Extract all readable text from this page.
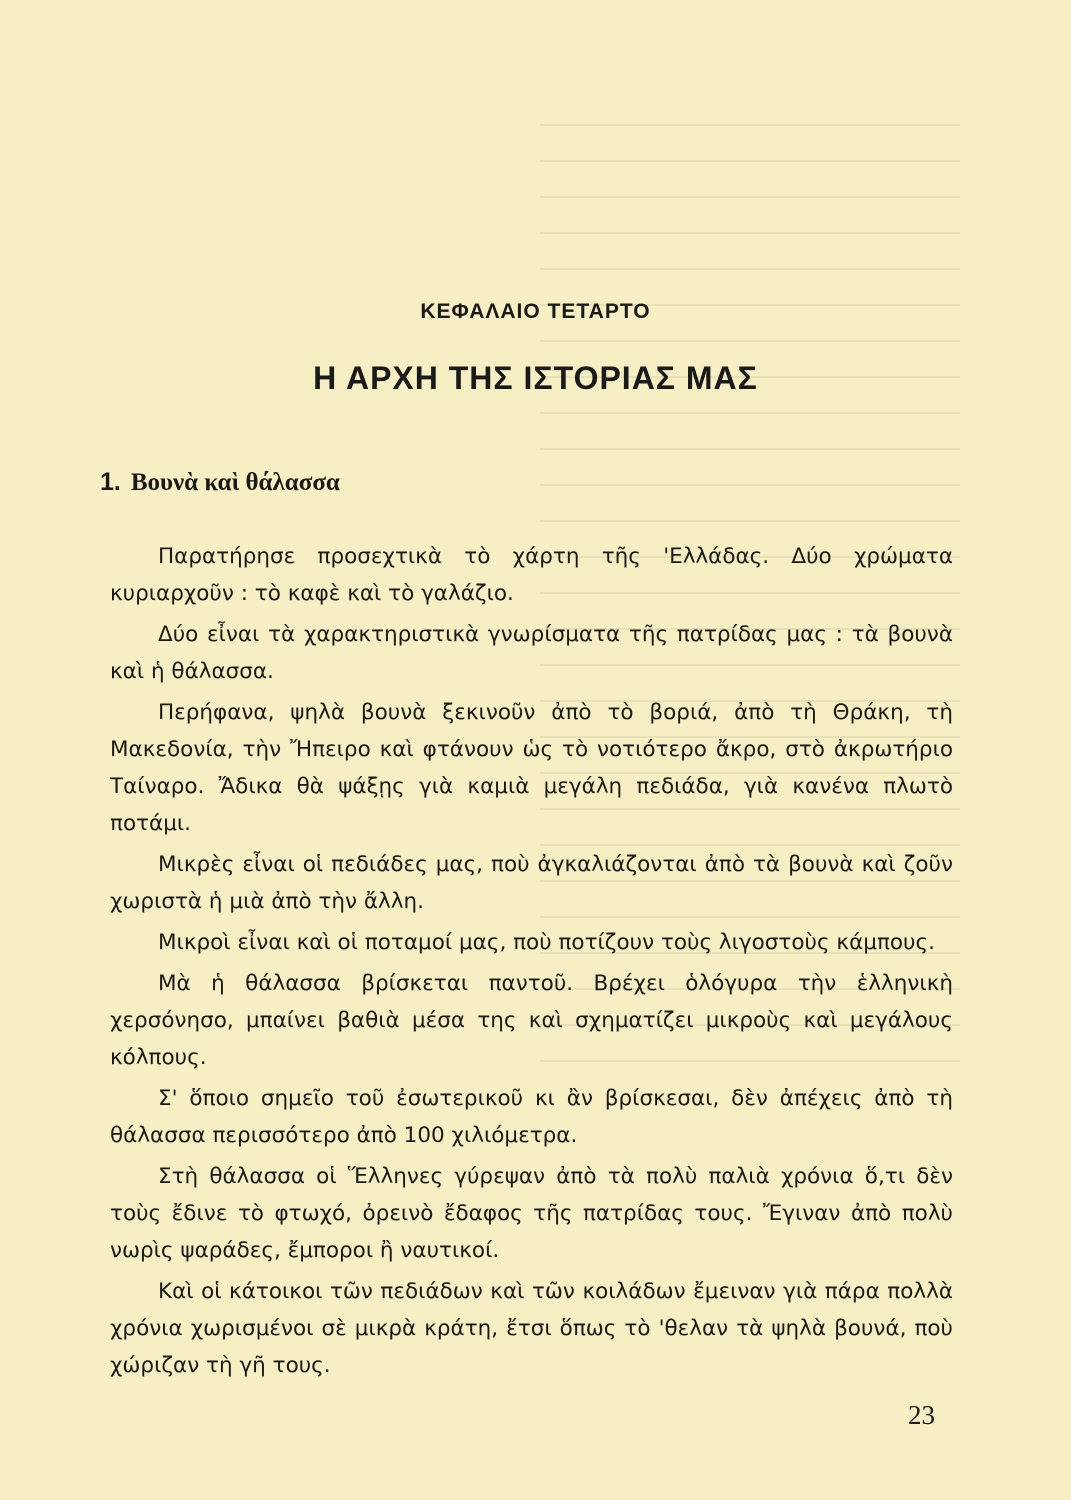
ΚΕΦΑΛΑΙΟ ΤΕΤΑΡΤΟ
Η ΑΡΧΗ ΤΗΣ ΙΣΤΟΡΙΑΣ ΜΑΣ
1. Βουνὰ καὶ θάλασσα

Παρατήρησε προσεχτικὰ τὸ χάρτη τῆς 'Ελλάδας. Δύο χρώματα κυριαρχοῦν : τὸ καφὲ καὶ τὸ γαλάζιο.

Δύο εἶναι τὰ χαρακτηριστικὰ γνωρίσματα τῆς πατρίδας μας : τὰ βουνὰ καὶ ἡ θάλασσα.

Περήφανα, ψηλὰ βουνὰ ξεκινοῦν ἀπὸ τὸ βοριά, ἀπὸ τὴ Θράκη, τὴ Μακεδονία, τὴν Ἤπειρο καὶ φτάνουν ὡς τὸ νοτιότερο ἄκρο, στὸ ἀκρωτήριο Ταίναρο. Ἄδικα θὰ ψάξῃς γιὰ καμιὰ μεγάλη πεδιάδα, γιὰ κανένα πλωτὸ ποτάμι.

Μικρὲς εἶναι οἱ πεδιάδες μας, ποὺ ἀγκαλιάζονται ἀπὸ τὰ βουνὰ καὶ ζοῦν χωριστὰ ἡ μιὰ ἀπὸ τὴν ἄλλη.

Μικροὶ εἶναι καὶ οἱ ποταμοί μας, ποὺ ποτίζουν τοὺς λιγοστοὺς κάμπους.

Μὰ ἡ θάλασσα βρίσκεται παντοῦ. Βρέχει ὁλόγυρα τὴν ἑλληνικὴ χερσόνησο, μπαίνει βαθιὰ μέσα της καὶ σχηματίζει μικροὺς καὶ μεγάλους κόλπους.

Σ' ὅποιο σημεῖο τοῦ ἐσωτερικοῦ κι ἂν βρίσκεσαι, δὲν ἀπέχεις ἀπὸ τὴ θάλασσα περισσότερο ἀπὸ 100 χιλιόμετρα.

Στὴ θάλασσα οἱ Ἕλληνες γύρεψαν ἀπὸ τὰ πολὺ παλιὰ χρόνια ὅ,τι δὲν τοὺς ἔδινε τὸ φτωχό, ὀρεινὸ ἔδαφος τῆς πατρίδας τους. Ἔγιναν ἀπὸ πολὺ νωρὶς ψαράδες, ἔμποροι ἢ ναυτικοί.

Καὶ οἱ κάτοικοι τῶν πεδιάδων καὶ τῶν κοιλάδων ἔμειναν γιὰ πάρα πολλὰ χρόνια χωρισμένοι σὲ μικρὰ κράτη, ἔτσι ὅπως τὸ 'θελαν τὰ ψηλὰ βουνά, ποὺ χώριζαν τὴ γῆ τους.

23
